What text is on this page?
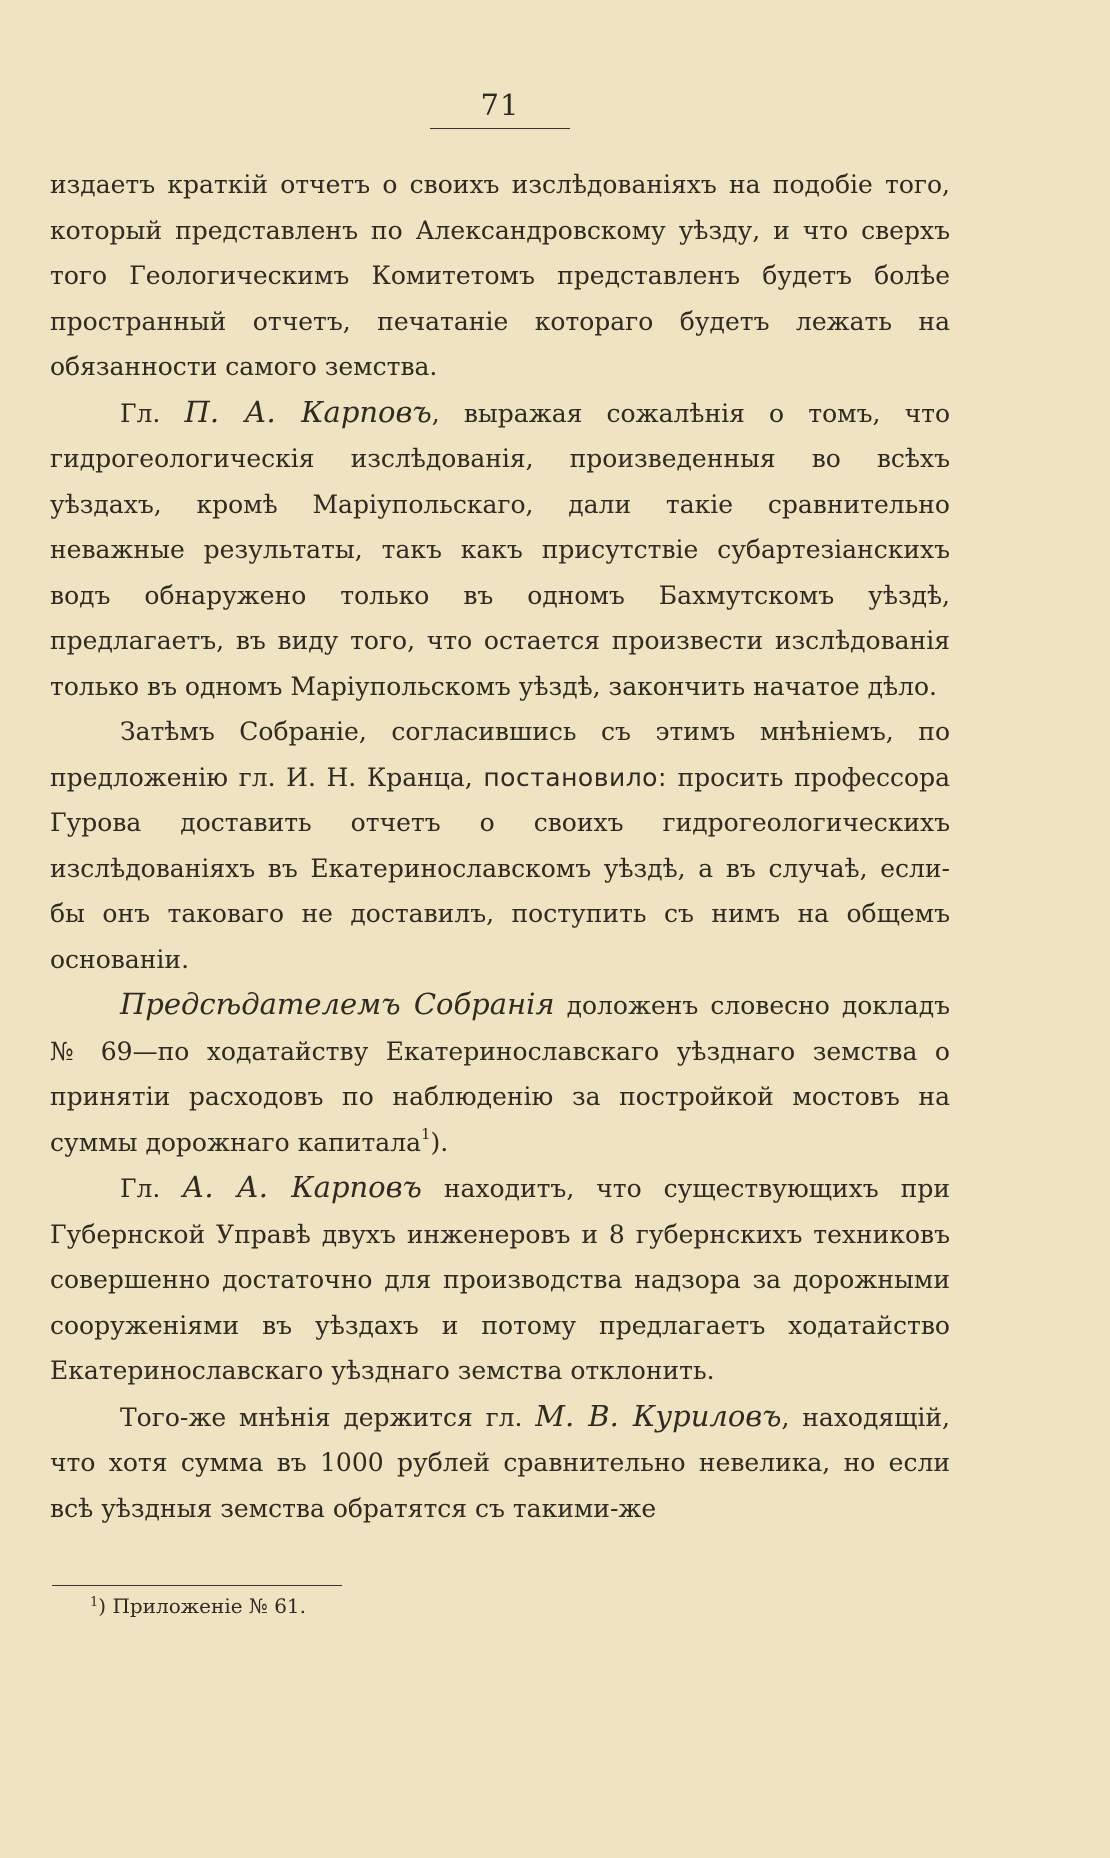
71

издаетъ краткій отчетъ о своихъ изслѣдованіяхъ на подобіе того, который представленъ по Александровскому уѣзду, и что сверхъ того Геологическимъ Комитетомъ представленъ будетъ болѣе пространный отчетъ, печатаніе котораго будетъ лежать на обязанности самого земства.

Гл. П. А. Карповъ, выражая сожалѣнія о томъ, что гидрогеологическія изслѣдованія, произведенныя во всѣхъ уѣздахъ, кромѣ Маріупольскаго, дали такіе сравнительно неважные результаты, такъ какъ присутствіе субартезіанскихъ водъ обнаружено только въ одномъ Бахмутскомъ уѣздѣ, предлагаетъ, въ виду того, что остается произвести изслѣдованія только въ одномъ Маріупольскомъ уѣздѣ, закончить начатое дѣло.

Затѣмъ Собраніе, согласившись съ этимъ мнѣніемъ, по предложенію гл. И. Н. Кранца, постановило: просить профессора Гурова доставить отчетъ о своихъ гидрогеологическихъ изслѣдованіяхъ въ Екатеринославскомъ уѣздѣ, а въ случаѣ, если-бы онъ таковаго не доставилъ, поступить съ нимъ на общемъ основаніи.

Предсѣдателемъ Собранія доложенъ словесно докладъ № 69—по ходатайству Екатеринославскаго уѣзднаго земства о принятіи расходовъ по наблюденію за постройкой мостовъ на суммы дорожнаго капитала$^1$).

Гл. А. А. Карповъ находитъ, что существующихъ при Губернской Управѣ двухъ инженеровъ и 8 губернскихъ техниковъ совершенно достаточно для производства надзора за дорожными сооруженіями въ уѣздахъ и потому предлагаетъ ходатайство Екатеринославскаго уѣзднаго земства отклонить.

Того-же мнѣнія держится гл. М. В. Куриловъ, находящій, что хотя сумма въ 1000 рублей сравнительно невелика, но если всѣ уѣздныя земства обратятся съ такими-же

$^1$) Приложеніе № 61.
